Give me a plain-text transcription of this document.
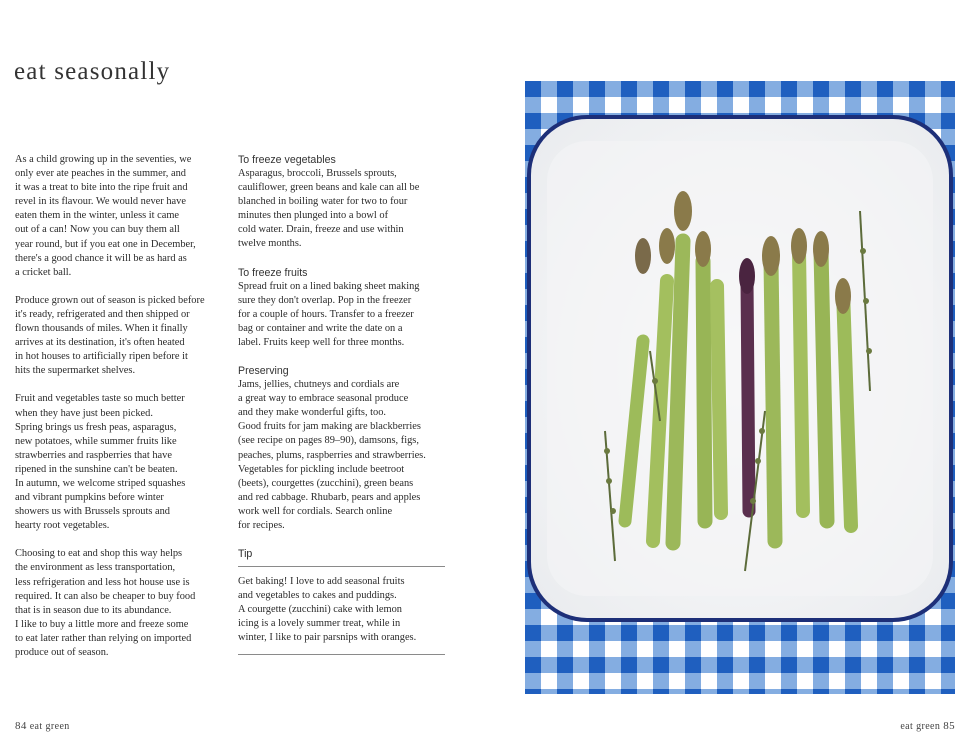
eat seasonally

As a child growing up in the seventies, we
only ever ate peaches in the summer, and
it was a treat to bite into the ripe fruit and
revel in its flavour. We would never have
eaten them in the winter, unless it came
out of a can! Now you can buy them all
year round, but if you eat one in December,
there's a good chance it will be as hard as
a cricket ball.

Produce grown out of season is picked before
it's ready, refrigerated and then shipped or
flown thousands of miles. When it finally
arrives at its destination, it's often heated
in hot houses to artificially ripen before it
hits the supermarket shelves.

Fruit and vegetables taste so much better
when they have just been picked.
Spring brings us fresh peas, asparagus,
new potatoes, while summer fruits like
strawberries and raspberries that have
ripened in the sunshine can't be beaten.
In autumn, we welcome striped squashes
and vibrant pumpkins before winter
showers us with Brussels sprouts and
hearty root vegetables.

Choosing to eat and shop this way helps
the environment as less transportation,
less refrigeration and less hot house use is
required. It can also be cheaper to buy food
that is in season due to its abundance.
I like to buy a little more and freeze some
to eat later rather than relying on imported
produce out of season.

To freeze vegetables
Asparagus, broccoli, Brussels sprouts,
cauliflower, green beans and kale can all be
blanched in boiling water for two to four
minutes then plunged into a bowl of
cold water. Drain, freeze and use within
twelve months.
To freeze fruits
Spread fruit on a lined baking sheet making
sure they don't overlap. Pop in the freezer
for a couple of hours. Transfer to a freezer
bag or container and write the date on a
label. Fruits keep well for three months.
Preserving
Jams, jellies, chutneys and cordials are
a great way to embrace seasonal produce
and they make wonderful gifts, too.
Good fruits for jam making are blackberries
(see recipe on pages 89–90), damsons, figs,
peaches, plums, raspberries and strawberries.
Vegetables for pickling include beetroot
(beets), courgettes (zucchini), green beans
and red cabbage. Rhubarb, pears and apples
work well for cordials. Search online
for recipes.
Tip
Get baking! I love to add seasonal fruits
and vegetables to cakes and puddings.
A courgette (zucchini) cake with lemon
icing is a lovely summer treat, while in
winter, I like to pair parsnips with oranges.
84 eat green	eat green 85
